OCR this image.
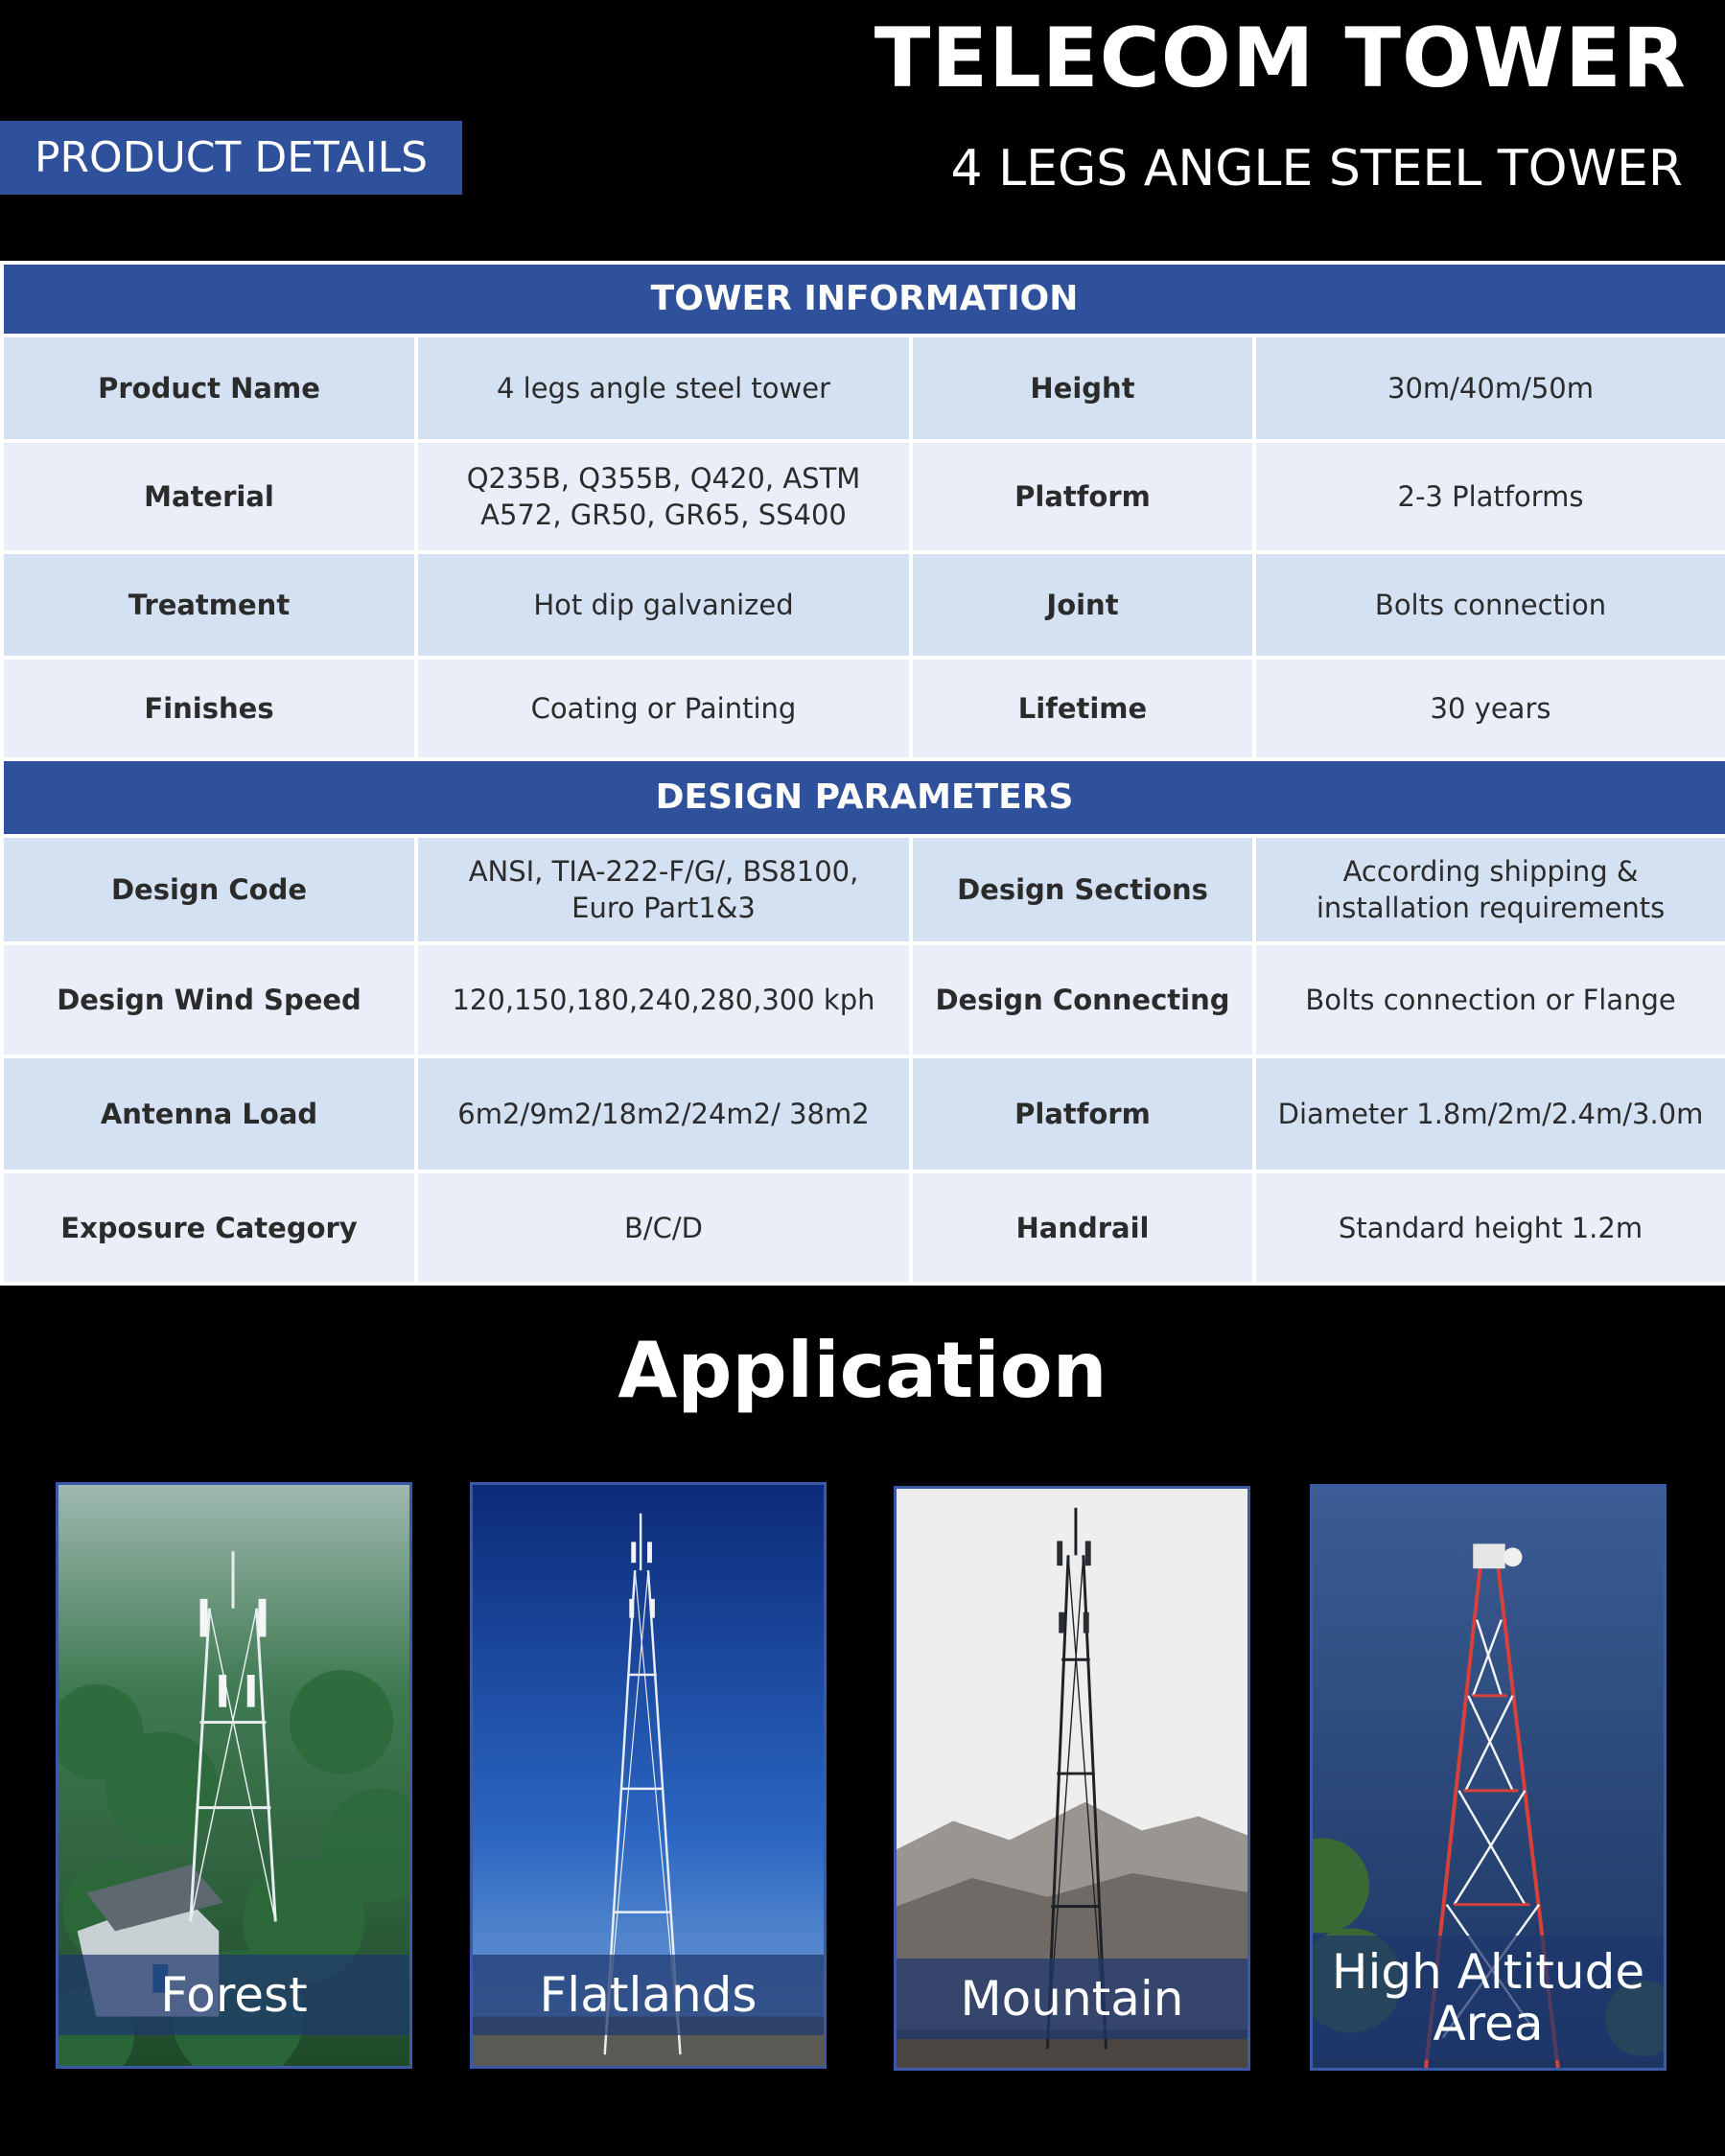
TELECOM TOWER
PRODUCT DETAILS	4 LEGS ANGLE STEEL TOWER
TOWER INFORMATION			
Product Name	4 legs angle steel tower	Height	30m/40m/50m
Material	Q235B, Q355B, Q420, ASTM A572, GR50, GR65, SS400	Platform	2-3 Platforms
Treatment	Hot dip galvanized	Joint	Bolts connection
Finishes	Coating or Painting	Lifetime	30 years
DESIGN PARAMETERS			
Design Code	ANSI, TIA-222-F/G/, BS8100, Euro Part1&3	Design Sections	According shipping & installation requirements
Design Wind Speed	120,150,180,240,280,300 kph	Design Connecting	Bolts connection or Flange
Antenna Load	6m2/9m2/18m2/24m2/ 38m2	Platform	Diameter 1.8m/2m/2.4m/3.0m
Exposure Category	B/C/D	Handrail	Standard height 1.2m
Application
Forest	Flatlands	Mountain	High Altitude Area
